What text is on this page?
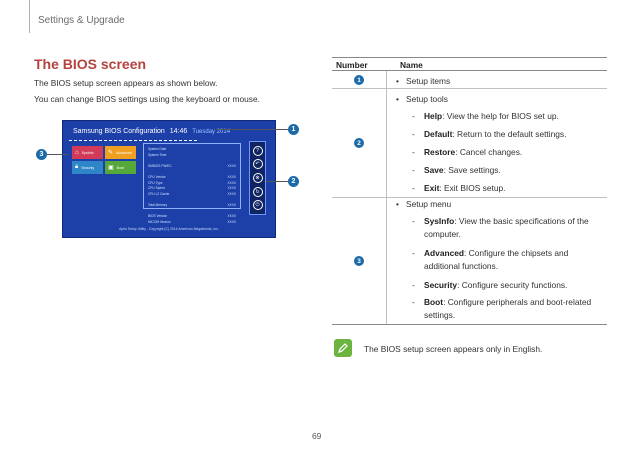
Settings & Upgrade
The BIOS screen
The BIOS setup screen appears as shown below.
You can change BIOS settings using the keyboard or mouse.
Samsung BIOS Configuration 14:46 Tuesday 2014
⌂ SysInfo ✎ Advanced
🔒︎ Security ▣ Boot
System Date
System Time
SMBIOS FW/EC	XXXX
CPU Vendor	XXXX
CPU Type	XXXX
CPU Speed	XXXX
CPU L2 Cache	XXXX
Total Memory	XXXX
BIOS Version	XXXX
MICOM Version	XXXX
?
↶
⊗
↻
⏻
Aptio Setup Utility - Copyright (C) 2014 American Megatrends, Inc.
1
2
3
Number	Name
1	• Setup items
2
• Setup tools
- Help: View the help for BIOS set up.
- Default: Return to the default settings.
- Restore: Cancel changes.
- Save: Save settings.
- Exit: Exit BIOS setup.
3
• Setup menu
- SysInfo: View the basic specifications of the computer.
- Advanced: Configure the chipsets and additional functions.
- Security: Configure security functions.
- Boot: Configure peripherals and boot-related settings.
The BIOS setup screen appears only in English.
69
